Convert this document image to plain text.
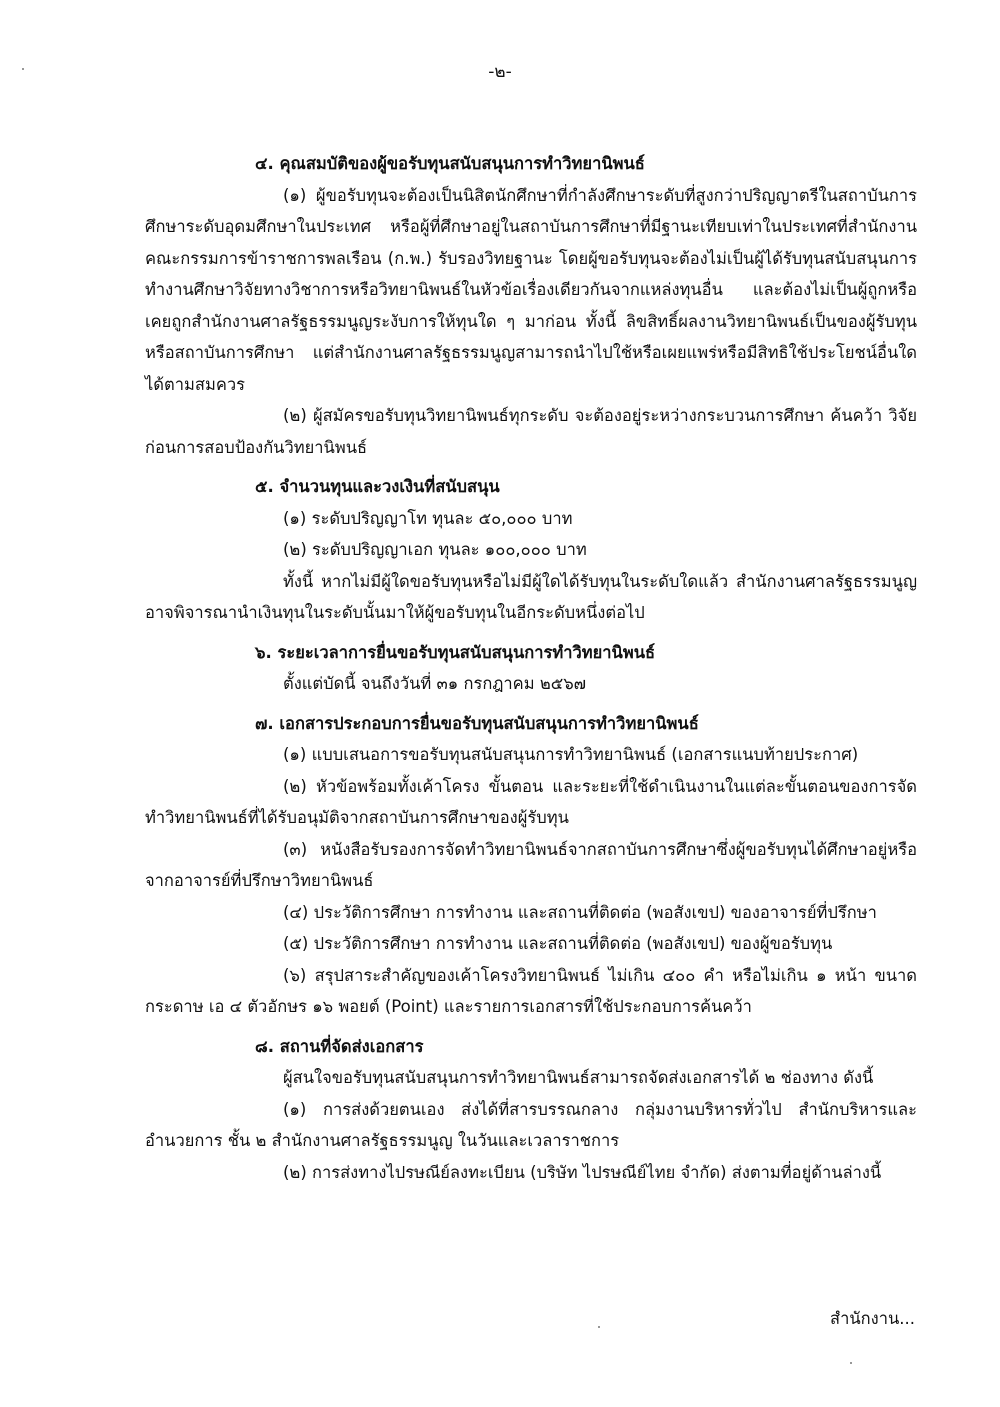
-๒-
๔. คุณสมบัติของผู้ขอรับทุนสนับสนุนการทำวิทยานิพนธ์
(๑) ผู้ขอรับทุนจะต้องเป็นนิสิตนักศึกษาที่กำลังศึกษาระดับที่สูงกว่าปริญญาตรีในสถาบันการศึกษาระดับอุดมศึกษาในประเทศ หรือผู้ที่ศึกษาอยู่ในสถาบันการศึกษาที่มีฐานะเทียบเท่าในประเทศที่สำนักงานคณะกรรมการข้าราชการพลเรือน (ก.พ.) รับรองวิทยฐานะ โดยผู้ขอรับทุนจะต้องไม่เป็นผู้ได้รับทุนสนับสนุนการทำงานศึกษาวิจัยทางวิชาการหรือวิทยานิพนธ์ในหัวข้อเรื่องเดียวกันจากแหล่งทุนอื่น และต้องไม่เป็นผู้ถูกหรือเคยถูกสำนักงานศาลรัฐธรรมนูญระงับการให้ทุนใด ๆ มาก่อน ทั้งนี้ ลิขสิทธิ์ผลงานวิทยานิพนธ์เป็นของผู้รับทุนหรือสถาบันการศึกษา แต่สำนักงานศาลรัฐธรรมนูญสามารถนำไปใช้หรือเผยแพร่หรือมีสิทธิใช้ประโยชน์อื่นใดได้ตามสมควร
(๒) ผู้สมัครขอรับทุนวิทยานิพนธ์ทุกระดับ จะต้องอยู่ระหว่างกระบวนการศึกษา ค้นคว้า วิจัยก่อนการสอบป้องกันวิทยานิพนธ์
๕. จำนวนทุนและวงเงินที่สนับสนุน
(๑) ระดับปริญญาโท ทุนละ ๕๐,๐๐๐ บาท
(๒) ระดับปริญญาเอก ทุนละ ๑๐๐,๐๐๐ บาท
ทั้งนี้ หากไม่มีผู้ใดขอรับทุนหรือไม่มีผู้ใดได้รับทุนในระดับใดแล้ว สำนักงานศาลรัฐธรรมนูญอาจพิจารณานำเงินทุนในระดับนั้นมาให้ผู้ขอรับทุนในอีกระดับหนึ่งต่อไป
๖. ระยะเวลาการยื่นขอรับทุนสนับสนุนการทำวิทยานิพนธ์
ตั้งแต่บัดนี้ จนถึงวันที่ ๓๑ กรกฎาคม ๒๕๖๗
๗. เอกสารประกอบการยื่นขอรับทุนสนับสนุนการทำวิทยานิพนธ์
(๑) แบบเสนอการขอรับทุนสนับสนุนการทำวิทยานิพนธ์ (เอกสารแนบท้ายประกาศ)
(๒) หัวข้อพร้อมทั้งเค้าโครง ขั้นตอน และระยะที่ใช้ดำเนินงานในแต่ละขั้นตอนของการจัดทำวิทยานิพนธ์ที่ได้รับอนุมัติจากสถาบันการศึกษาของผู้รับทุน
(๓) หนังสือรับรองการจัดทำวิทยานิพนธ์จากสถาบันการศึกษาซึ่งผู้ขอรับทุนได้ศึกษาอยู่หรือจากอาจารย์ที่ปรึกษาวิทยานิพนธ์
(๔) ประวัติการศึกษา การทำงาน และสถานที่ติดต่อ (พอสังเขป) ของอาจารย์ที่ปรึกษา
(๕) ประวัติการศึกษา การทำงาน และสถานที่ติดต่อ (พอสังเขป) ของผู้ขอรับทุน
(๖) สรุปสาระสำคัญของเค้าโครงวิทยานิพนธ์ ไม่เกิน ๔๐๐ คำ หรือไม่เกิน ๑ หน้า ขนาดกระดาษ เอ ๔ ตัวอักษร ๑๖ พอยต์ (Point) และรายการเอกสารที่ใช้ประกอบการค้นคว้า
๘. สถานที่จัดส่งเอกสาร
ผู้สนใจขอรับทุนสนับสนุนการทำวิทยานิพนธ์สามารถจัดส่งเอกสารได้ ๒ ช่องทาง ดังนี้
(๑) การส่งด้วยตนเอง ส่งได้ที่สารบรรณกลาง กลุ่มงานบริหารทั่วไป สำนักบริหารและอำนวยการ ชั้น ๒ สำนักงานศาลรัฐธรรมนูญ ในวันและเวลาราชการ
(๒) การส่งทางไปรษณีย์ลงทะเบียน (บริษัท ไปรษณีย์ไทย จำกัด) ส่งตามที่อยู่ด้านล่างนี้
สำนักงาน...
